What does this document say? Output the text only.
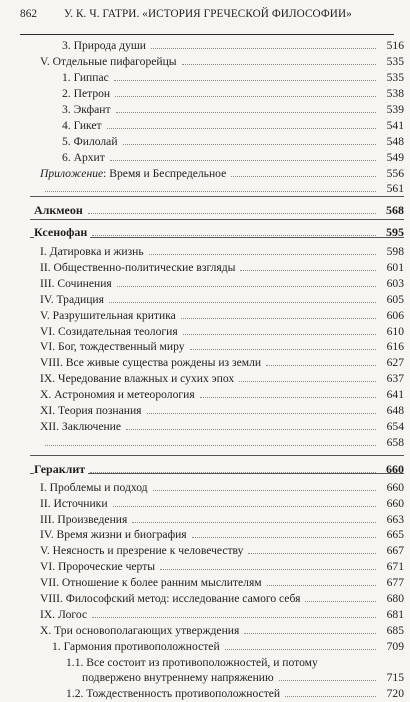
862 У. К. Ч. ГАТРИ. «ИСТОРИЯ ГРЕЧЕСКОЙ ФИЛОСОФИИ»
3. Природа души	516
V. Отдельные пифагорейцы	535
1. Гиппас	535
2. Петрон	538
3. Экфант	539
4. Гикет	541
5. Филолай	548
6. Архит	549
Приложение: Время и Беспредельное	556
561
Алкмеон	568
Ксенофан	595
I. Датировка и жизнь	598
II. Общественно-политические взгляды	601
III. Сочинения	603
IV. Традиция	605
V. Разрушительная критика	606
VI. Созидательная теология	610
VI. Бог, тождественный миру	616
VIII. Все живые существа рождены из земли	627
IX. Чередование влажных и сухих эпох	637
X. Астрономия и метеорология	641
XI. Теория познания	648
XII. Заключение	654
658
Гераклит	660
I. Проблемы и подход	660
II. Источники	660
III. Произведения	663
IV. Время жизни и биография	665
V. Неясность и презрение к человечеству	667
VI. Пророческие черты	671
VII. Отношение к более ранним мыслителям	677
VIII. Философский метод: исследование самого себя	680
IX. Логос	681
X. Три основополагающих утверждения	685
1. Гармония противоположностей	709
1.1. Все состоит из противоположностей, и потому
подвержено внутреннему напряжению	715
1.2. Тождественность противоположностей	720
